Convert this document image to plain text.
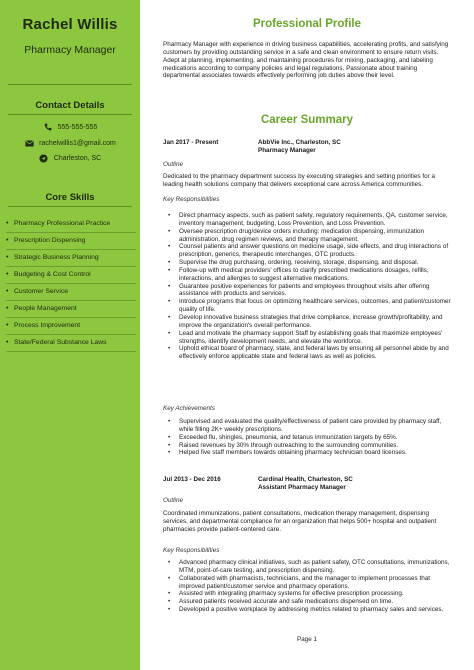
Rachel Willis
Pharmacy Manager
Contact Details
555-555-555
rachelwillis1@gmail.com
Charleston, SC
Core Skills
• Pharmacy Professional Practice
• Prescription Dispensing
• Strategic Business Planning
• Budgeting & Cost Control
• Customer Service
• People Management
• Process Improvement
• State/Federal Substance Laws
Professional Profile

Pharmacy Manager with experience in driving business capabilities, accelerating profits, and satisfying customers by providing outstanding service in a safe and clean environment to ensure return visits. Adept at planning, implementing, and maintaining procedures for mixing, packaging, and labeling medications according to company policies and legal regulations. Passionate about training departmental associates towards effectively performing job duties above their level.

Career Summary
Jan 2017 - Present	AbbVie Inc., Charleston, SC
Pharmacy Manager
Outline

Dedicated to the pharmacy department success by executing strategies and setting priorities for a leading health solutions company that delivers exceptional care across America communities.

Key Responsibilities
• Direct pharmacy aspects, such as patient safety, regulatory requirements, QA, customer service, inventory management, budgeting, Loss Prevention, and Loss Prevention.
• Oversee prescription drug/device orders including: medication dispensing, immunization administration, drug regimen reviews, and therapy management.
• Counsel patients and answer questions on medicine usage, side effects, and drug interactions of prescription, generics, therapeutic interchanges, OTC products.
• Supervise the drug purchasing, ordering, receiving, storage, dispensing, and disposal.
• Follow-up with medical providers' offices to clarify prescribed medications dosages, refills, interactions, and allergies to suggest alternative medications.
• Guarantee positive experiences for patients and employees throughout visits after offering assistance with products and services.
• Introduce programs that focus on optimizing healthcare services, outcomes, and patient/customer quality of life.
• Develop innovative business strategies that drive compliance, increase growth/profitability, and improve the organization's overall performance.
• Lead and motivate the pharmacy support Staff by establishing goals that maximize employees' strengths, identify development needs, and elevate the workforce.
• Uphold ethical board of pharmacy, state, and federal laws by ensuring all personnel abide by and effectively enforce applicable state and federal laws as well as policies.
Key Achievements
• Supervised and evaluated the quality/effectiveness of patient care provided by pharmacy staff, while filling 2K+ weekly prescriptions.
• Exceeded flu, shingles, pneumonia, and tetanus immunization targets by 65%.
• Raised revenues by 30% through outreaching to the surrounding communities.
• Helped five staff members towards obtaining pharmacy technician board licenses.
Jul 2013 - Dec 2016	Cardinal Health, Charleston, SC
Assistant Pharmacy Manager
Outline

Coordinated immunizations, patient consultations, medication therapy management, dispensing services, and departmental compliance for an organization that helps 500+ hospital and outpatient pharmacies provide patient-centered care.

Key Responsibilities
• Advanced pharmacy clinical initiatives, such as patient safety, OTC consultations, immunizations, MTM, point-of-care testing, and prescription dispensing.
• Collaborated with pharmacists, technicians, and the manager to implement processes that improved patient/customer service and pharmacy operations.
• Assisted with integrating pharmacy systems for effective prescription processing.
• Assured patients received accurate and safe medications dispensed on time.
• Developed a positive workplace by addressing metrics related to pharmacy sales and services.
Page 1
